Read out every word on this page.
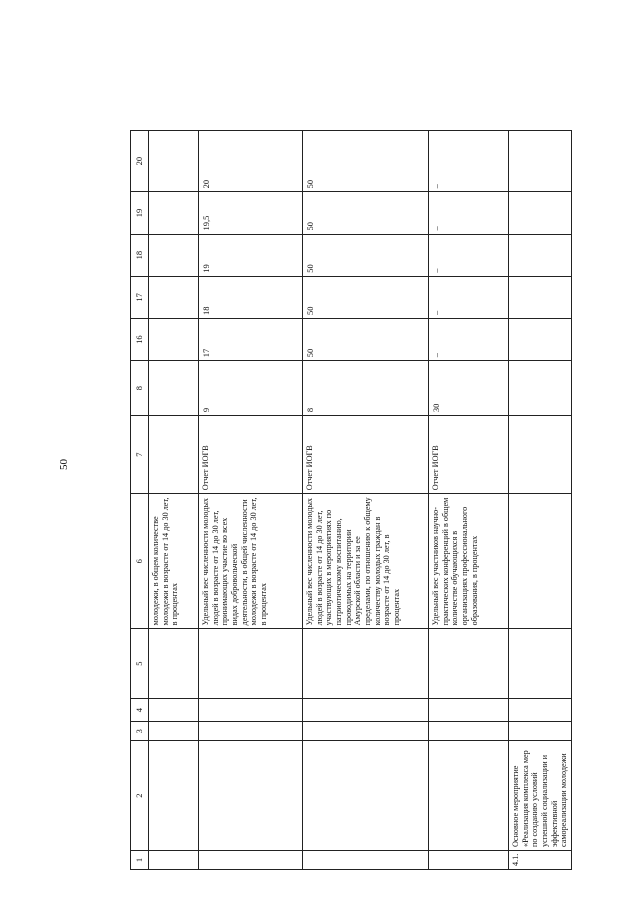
50
1	2	3	4	5	6	7	8	16	17	18	19	20
					молодежи, в общем количестве молодежи в возрасте от 14 до 30 лет, в процентах							
					Удельный вес численности молодых людей в возрасте от 14 до 30 лет, принимающих участие во всех видах добровольческой деятельности, в общей численности молодежи в возрасте от 14 до 30 лет, в процентах	Отчет ИОГВ	9	17	18	19	19,5	20
					Удельный вес численности молодых людей в возрасте от 14 до 30 лет, участвующих в мероприятиях по патриотическому воспитанию, проводимых на территории Амурской области и за ее пределами, по отношению к общему количеству молодых граждан в возрасте от 14 до 30 лет, в процентах	Отчет ИОГВ	8	50	50	50	50	50
					Удельный вес участников научно-практических конференций в общем количестве обучающихся в организациях профессионального образования, в процентах	Отчет ИОГВ	30	–	–	–	–	–
4.1.	Основное мероприятие «Реализация комплекса мер по созданию условий успешной социализации и эффективной самореализации молодежи											
